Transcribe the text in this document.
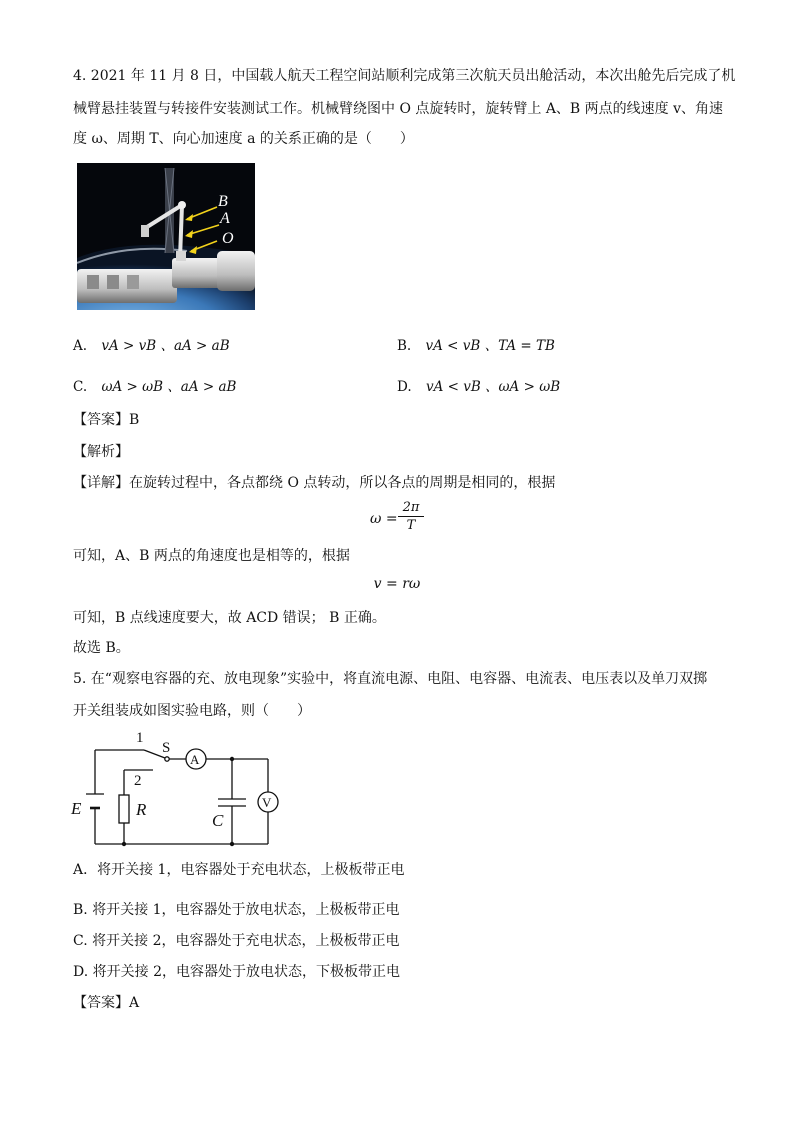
4. 2021 年 11 月 8 日，中国载人航天工程空间站顺利完成第三次航天员出舱活动，本次出舱先后完成了机
械臂悬挂装置与转接件安装测试工作。机械臂绕图中 O 点旋转时，旋转臂上 A、B 两点的线速度 v、角速
度 ω、周期 T、向心加速度 a 的关系正确的是（　　）
B
A
O
A. vA > vB 、aA > aB	B. vA < vB 、TA = TB
C. ωA > ωB 、aA > aB	D. vA < vB 、ωA > ωB
【答案】B
【解析】
【详解】在旋转过程中，各点都绕 O 点转动，所以各点的周期是相同的，根据
ω =
2π
T
可知，A、B 两点的角速度也是相等的，根据
v = rω
可知，B 点线速度要大，故 ACD 错误； B 正确。
故选 B。
5. 在“观察电容器的充、放电现象”实验中，将直流电源、电阻、电容器、电流表、电压表以及单刀双掷
开关组装成如图实验电路，则（　　）
1
2
S
A
V
E	R
C
A．将开关接 1，电容器处于充电状态，上极板带正电
B. 将开关接 1，电容器处于放电状态，上极板带正电
C. 将开关接 2，电容器处于充电状态，上极板带正电
D. 将开关接 2，电容器处于放电状态，下极板带正电
【答案】A
